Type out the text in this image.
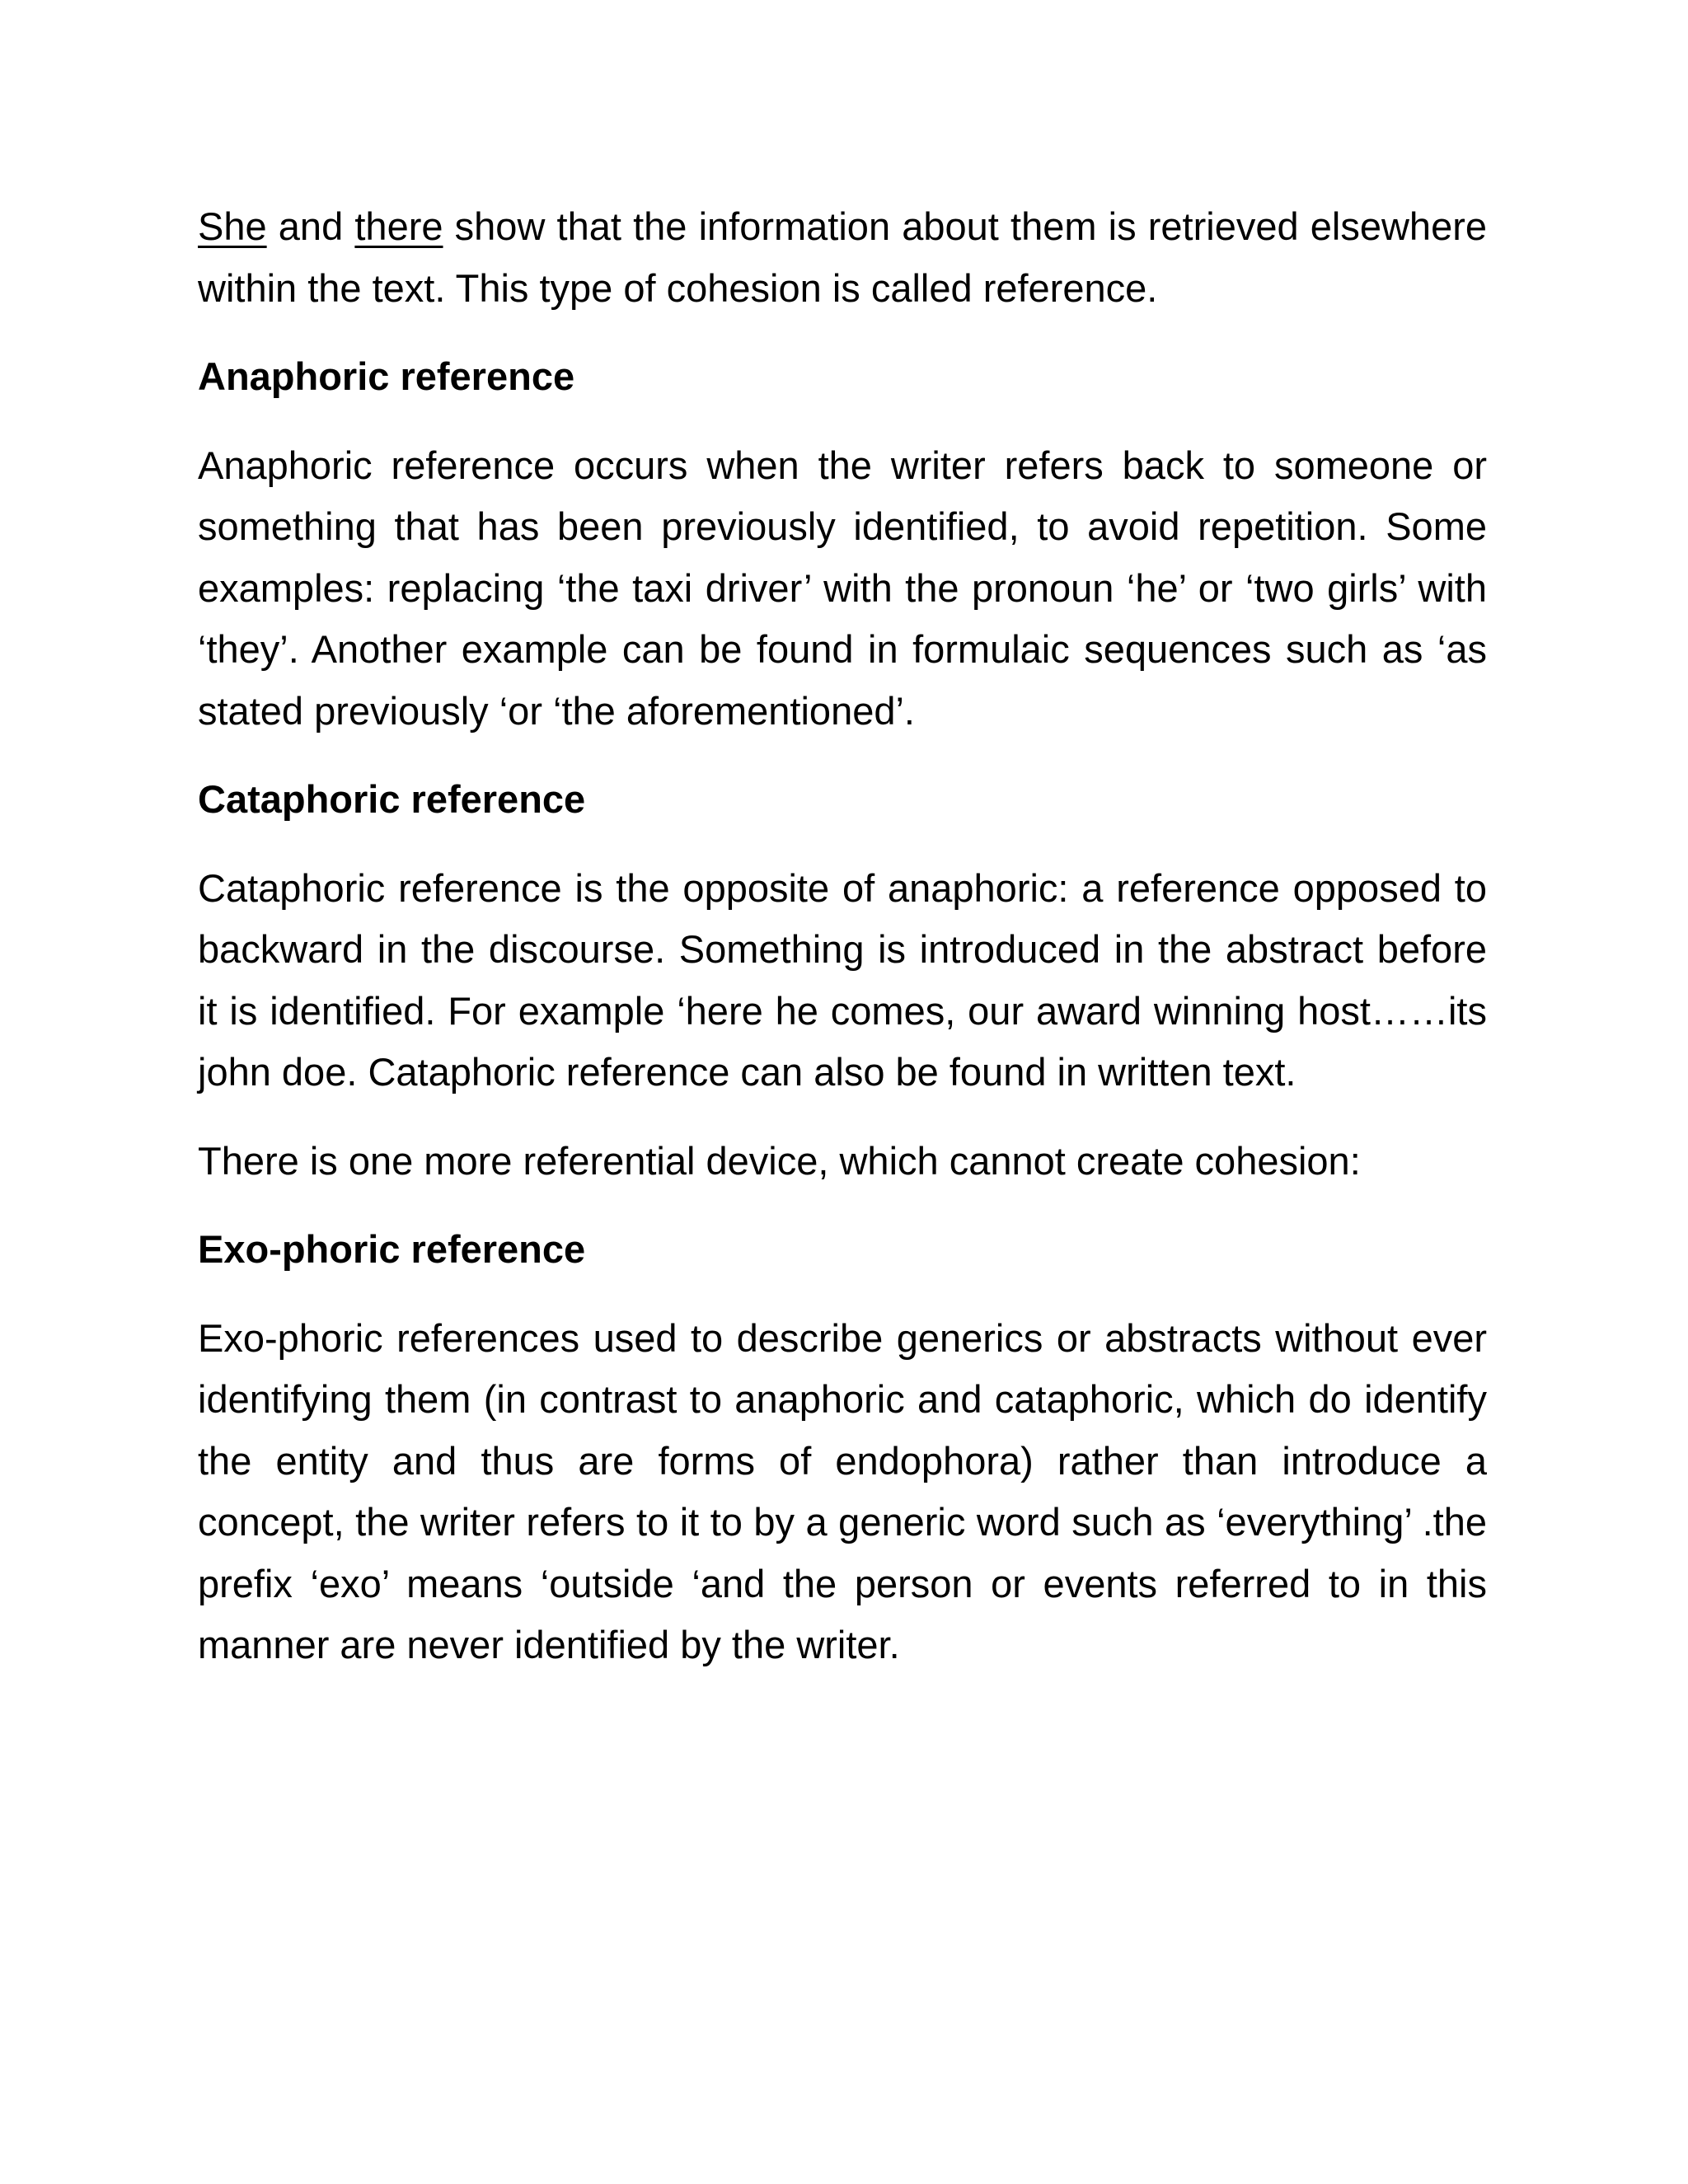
She and there show that the information about them is retrieved elsewhere within the text. This type of cohesion is called reference.

Anaphoric reference

Anaphoric reference occurs when the writer refers back to someone or something that has been previously identified, to avoid repetition. Some examples: replacing ‘the taxi driver’ with the pronoun ‘he’ or ‘two girls’ with ‘they’. Another example can be found in formulaic sequences such as ‘as stated previously ‘or ‘the aforementioned’.

Cataphoric reference

Cataphoric reference is the opposite of anaphoric: a reference opposed to backward in the discourse. Something is introduced in the abstract before it is identified. For example ‘here he comes, our award winning host……its john doe. Cataphoric reference can also be found in written text.

There is one more referential device, which cannot create cohesion:

Exo-phoric reference

Exo-phoric references used to describe generics or abstracts without ever identifying them (in contrast to anaphoric and cataphoric, which do identify the entity and thus are forms of endophora) rather than introduce a concept, the writer refers to it to by a generic word such as ‘everything’ .the prefix ‘exo’ means ‘outside ‘and the person or events referred to in this manner are never identified by the writer.
